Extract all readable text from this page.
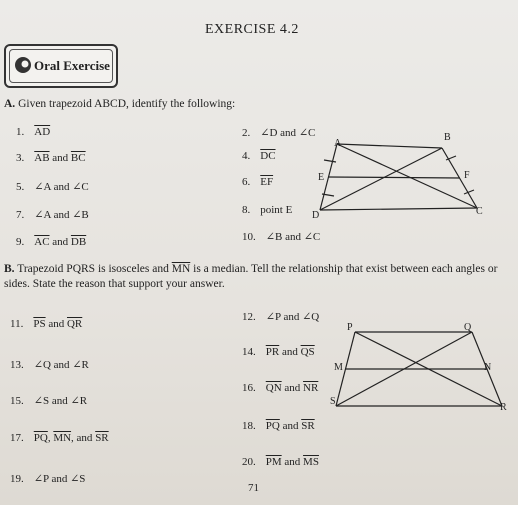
EXERCISE 4.2
Oral Exercise
A. Given trapezoid ABCD, identify the following:
1. $\overline{AD}$	2. ∠D and ∠C
3. $\overline{AB}$ and $\overline{BC}$	4. $\overline{DC}$
5. ∠A and ∠C	6. $\overline{EF}$
7. ∠A and ∠B	8. point E
9. $\overline{AC}$ and $\overline{DB}$	10. ∠B and ∠C
A
B
C
D
E	F
B. Trapezoid PQRS is isosceles and $\overline{MN}$ is a median. Tell the relationship that exist between each angles or
sides. State the reason that support your answer.
11. $\overline{PS}$ and $\overline{QR}$
12. ∠P and ∠Q
13. ∠Q and ∠R
14. $\overline{PR}$ and $\overline{QS}$
15. ∠S and ∠R
16. $\overline{QN}$ and $\overline{NR}$
17. $\overline{PQ}$, $\overline{MN}$, and $\overline{SR}$
18. $\overline{PQ}$ and $\overline{SR}$
19. ∠P and ∠S
20. $\overline{PM}$ and $\overline{MS}$
71
P	Q
R
S
M	N
